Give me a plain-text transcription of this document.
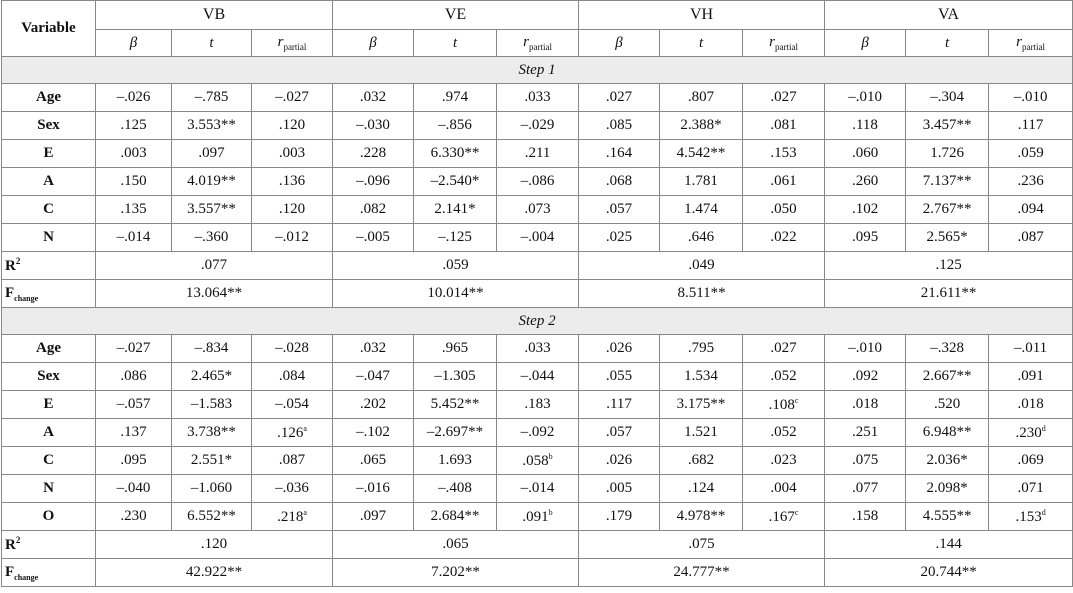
Variable	VB			VE			VH			VA		
	β	t	$r_{partial}$	β	t	$r_{partial}$	β	t	$r_{partial}$	β	t	$r_{partial}$
Step 1												
Age	–.026	–.785	–.027	.032	.974	.033	.027	.807	.027	–.010	–.304	–.010
Sex	.125	3.553**	.120	–.030	–.856	–.029	.085	2.388*	.081	.118	3.457**	.117
E	.003	.097	.003	.228	6.330**	.211	.164	4.542**	.153	.060	1.726	.059
A	.150	4.019**	.136	–.096	–2.540*	–.086	.068	1.781	.061	.260	7.137**	.236
C	.135	3.557**	.120	.082	2.141*	.073	.057	1.474	.050	.102	2.767**	.094
N	–.014	–.360	–.012	–.005	–.125	–.004	.025	.646	.022	.095	2.565*	.087
$R^2$	.077			.059			.049			.125		
$F_{change}$	13.064**			10.014**			8.511**			21.611**		
Step 2												
Age	–.027	–.834	–.028	.032	.965	.033	.026	.795	.027	–.010	–.328	–.011
Sex	.086	2.465*	.084	–.047	–1.305	–.044	.055	1.534	.052	.092	2.667**	.091
E	–.057	–1.583	–.054	.202	5.452**	.183	.117	3.175**	.108$^c$	.018	.520	.018
A	.137	3.738**	.126$^a$	–.102	–2.697**	–.092	.057	1.521	.052	.251	6.948**	.230$^d$
C	.095	2.551*	.087	.065	1.693	.058$^b$	.026	.682	.023	.075	2.036*	.069
N	–.040	–1.060	–.036	–.016	–.408	–.014	.005	.124	.004	.077	2.098*	.071
O	.230	6.552**	.218$^a$	.097	2.684**	.091$^b$	.179	4.978**	.167$^c$	.158	4.555**	.153$^d$
$R^2$	.120			.065			.075			.144		
$F_{change}$	42.922**			7.202**			24.777**			20.744**		
